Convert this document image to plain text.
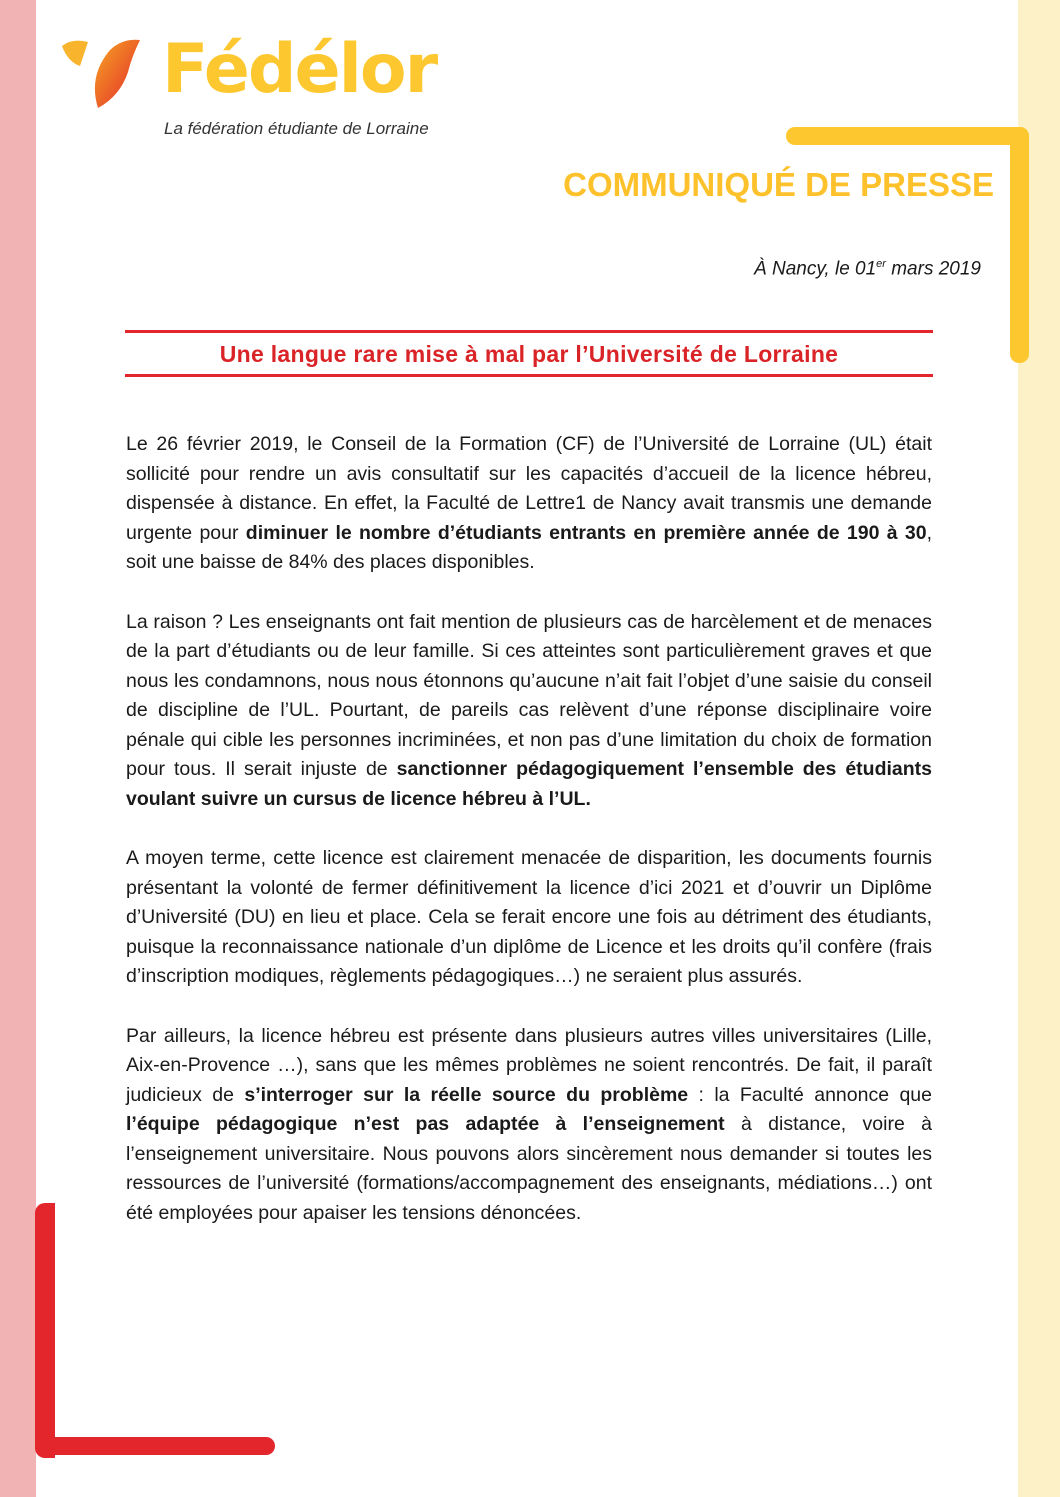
Fédélor
La fédération étudiante de Lorraine
COMMUNIQUÉ DE PRESSE
À Nancy, le 01er mars 2019
Une langue rare mise à mal par l’Université de Lorraine

Le 26 février 2019, le Conseil de la Formation (CF) de l’Université de Lorraine (UL) était sollicité pour rendre un avis consultatif sur les capacités d’accueil de la licence hébreu, dispensée à distance. En effet, la Faculté de Lettre1 de Nancy avait transmis une demande urgente pour diminuer le nombre d’étudiants entrants en première année de 190 à 30, soit une baisse de 84% des places disponibles.

La raison ? Les enseignants ont fait mention de plusieurs cas de harcèlement et de menaces de la part d’étudiants ou de leur famille. Si ces atteintes sont particulièrement graves et que nous les condamnons, nous nous étonnons qu’aucune n’ait fait l’objet d’une saisie du conseil de discipline de l’UL. Pourtant, de pareils cas relèvent d’une réponse disciplinaire voire pénale qui cible les personnes incriminées, et non pas d’une limitation du choix de formation pour tous. Il serait injuste de sanctionner pédagogiquement l’ensemble des étudiants voulant suivre un cursus de licence hébreu à l’UL.

A moyen terme, cette licence est clairement menacée de disparition, les documents fournis présentant la volonté de fermer définitivement la licence d’ici 2021 et d’ouvrir un Diplôme d’Université (DU) en lieu et place. Cela se ferait encore une fois au détriment des étudiants, puisque la reconnaissance nationale d’un diplôme de Licence et les droits qu’il confère (frais d’inscription modiques, règlements pédagogiques…) ne seraient plus assurés.

Par ailleurs, la licence hébreu est présente dans plusieurs autres villes universitaires (Lille, Aix-en-Provence …), sans que les mêmes problèmes ne soient rencontrés. De fait, il paraît judicieux de s’interroger sur la réelle source du problème : la Faculté annonce que l’équipe pédagogique n’est pas adaptée à l’enseignement à distance, voire à l’enseignement universitaire. Nous pouvons alors sincèrement nous demander si toutes les ressources de l’université (formations/accompagnement des enseignants, médiations…) ont été employées pour apaiser les tensions dénoncées.
